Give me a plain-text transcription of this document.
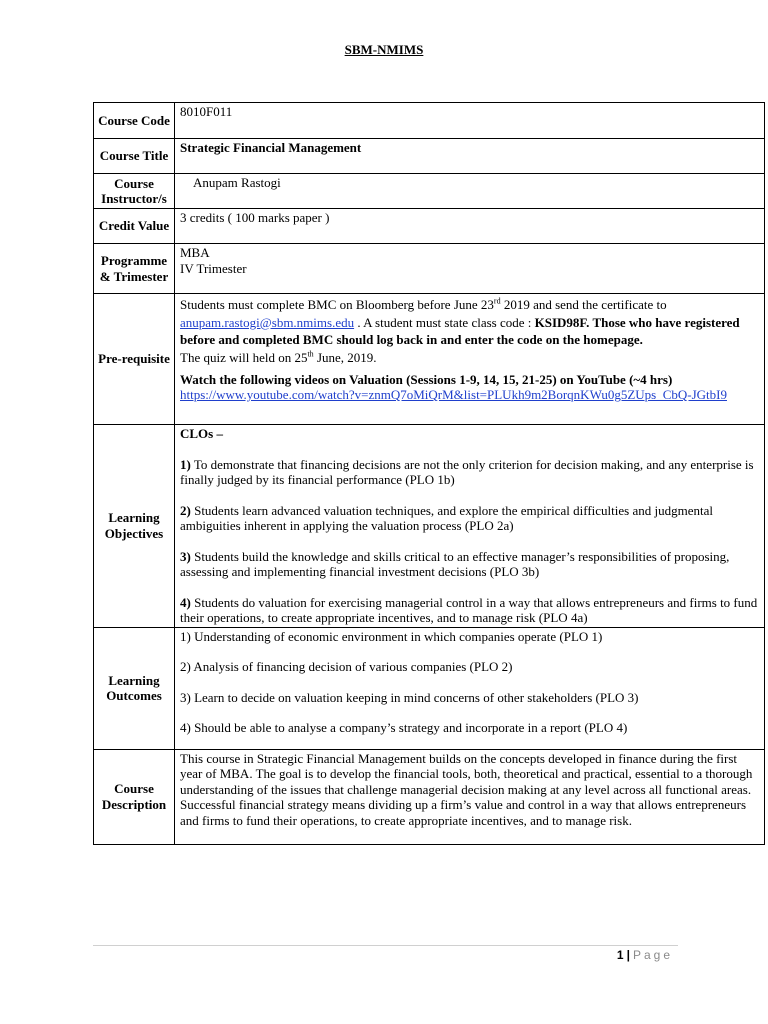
SBM-NMIMS
Course Code	8010F011
Course Title	Strategic Financial Management
Course Instructor/s	Anupam Rastogi
Credit Value	3 credits ( 100 marks paper )
Programme & Trimester	MBA

IV Trimester

Pre-requisite	Students must complete BMC on Bloomberg before June 23rd 2019 and send the certificate to anupam.rastogi@sbm.nmims.edu . A student must state class code : KSID98F. Those who have registered before and completed BMC should log back in and enter the code on the homepage.

The quiz will held on 25th June, 2019.

Watch the following videos on Valuation (Sessions 1-9, 14, 15, 21-25) on YouTube (~4 hrs)

https://www.youtube.com/watch?v=znmQ7oMiQrM&list=PLUkh9m2BorqnKWu0g5ZUps_CbQ-JGtbI9

Learning Objectives	CLOs –

1) To demonstrate that financing decisions are not the only criterion for decision making, and any enterprise is finally judged by its financial performance (PLO 1b)

2) Students learn advanced valuation techniques, and explore the empirical difficulties and judgmental ambiguities inherent in applying the valuation process (PLO 2a)

3) Students build the knowledge and skills critical to an effective manager’s responsibilities of proposing, assessing and implementing financial investment decisions (PLO 3b)

4) Students do valuation for exercising managerial control in a way that allows entrepreneurs and firms to fund their operations, to create appropriate incentives, and to manage risk (PLO 4a)

Learning Outcomes	1) Understanding of economic environment in which companies operate (PLO 1)

2) Analysis of financing decision of various companies (PLO 2)

3) Learn to decide on valuation keeping in mind concerns of other stakeholders (PLO 3)

4) Should be able to analyse a company’s strategy and incorporate in a report (PLO 4)

Course Description	This course in Strategic Financial Management builds on the concepts developed in finance during the first year of MBA. The goal is to develop the financial tools, both, theoretical and practical, essential to a thorough understanding of the issues that challenge managerial decision making at any level across all functional areas. Successful financial strategy means dividing up a firm’s value and control in a way that allows entrepreneurs and firms to fund their operations, to create appropriate incentives, and to manage risk.
1 | Page
